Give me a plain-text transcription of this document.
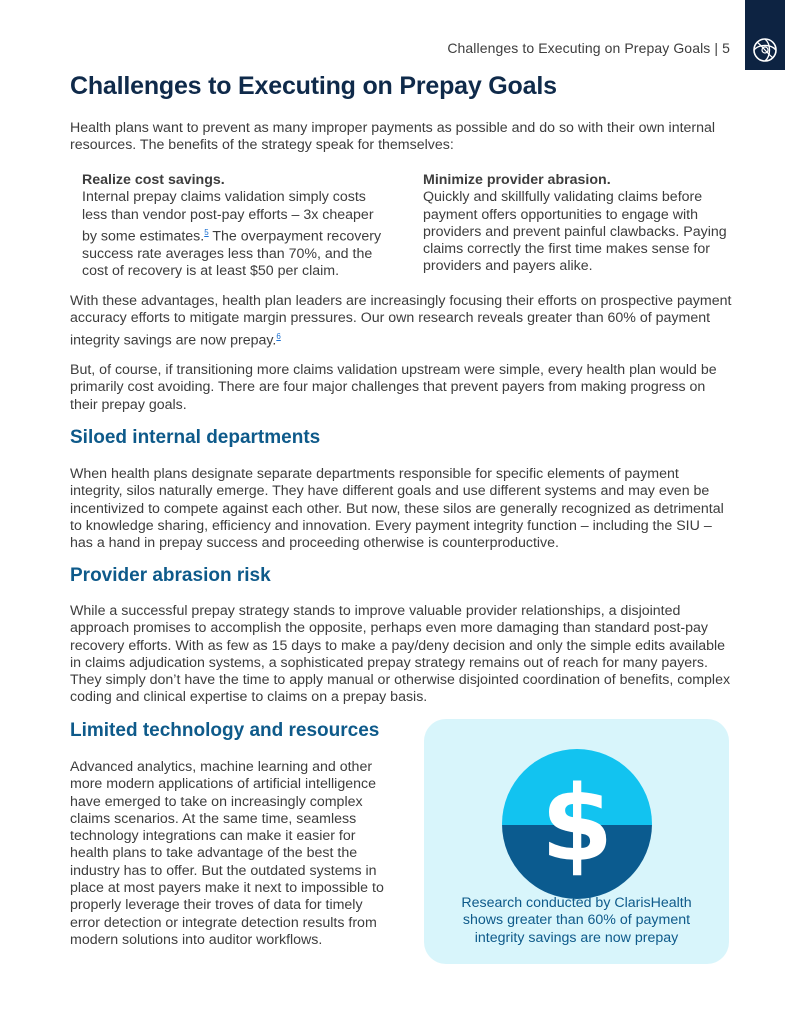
Challenges to Executing on Prepay Goals | 5
Challenges to Executing on Prepay Goals

Health plans want to prevent as many improper payments as possible and do so with their own internal resources. The benefits of the strategy speak for themselves:

Realize cost savings.
Internal prepay claims validation simply costs less than vendor post-pay efforts – 3x cheaper by some estimates.$^5$ The overpayment recovery success rate averages less than 70%, and the cost of recovery is at least $50 per claim.
Minimize provider abrasion.
Quickly and skillfully validating claims before payment offers opportunities to engage with providers and prevent painful clawbacks. Paying claims correctly the first time makes sense for providers and payers alike.

With these advantages, health plan leaders are increasingly focusing their efforts on prospective payment accuracy efforts to mitigate margin pressures. Our own research reveals greater than 60% of payment integrity savings are now prepay.$^6$

But, of course, if transitioning more claims validation upstream were simple, every health plan would be primarily cost avoiding. There are four major challenges that prevent payers from making progress on their prepay goals.

Siloed internal departments

When health plans designate separate departments responsible for specific elements of payment integrity, silos naturally emerge. They have different goals and use different systems and may even be incentivized to compete against each other. But now, these silos are generally recognized as detrimental to knowledge sharing, efficiency and innovation. Every payment integrity function – including the SIU – has a hand in prepay success and proceeding otherwise is counterproductive.

Provider abrasion risk

While a successful prepay strategy stands to improve valuable provider relationships, a disjointed approach promises to accomplish the opposite, perhaps even more damaging than standard post-pay recovery efforts. With as few as 15 days to make a pay/deny decision and only the simple edits available in claims adjudication systems, a sophisticated prepay strategy remains out of reach for many payers. They simply don’t have the time to apply manual or otherwise disjointed coordination of benefits, complex coding and clinical expertise to claims on a prepay basis.

Limited technology and resources

Advanced analytics, machine learning and other more modern applications of artificial intelligence have emerged to take on increasingly complex claims scenarios. At the same time, seamless technology integrations can make it easier for health plans to take advantage of the best the industry has to offer. But the outdated systems in place at most payers make it next to impossible to properly leverage their troves of data for timely error detection or integrate detection results from modern solutions into auditor workflows.

$
Research conducted by ClarisHealth shows greater than 60% of payment integrity savings are now prepay
